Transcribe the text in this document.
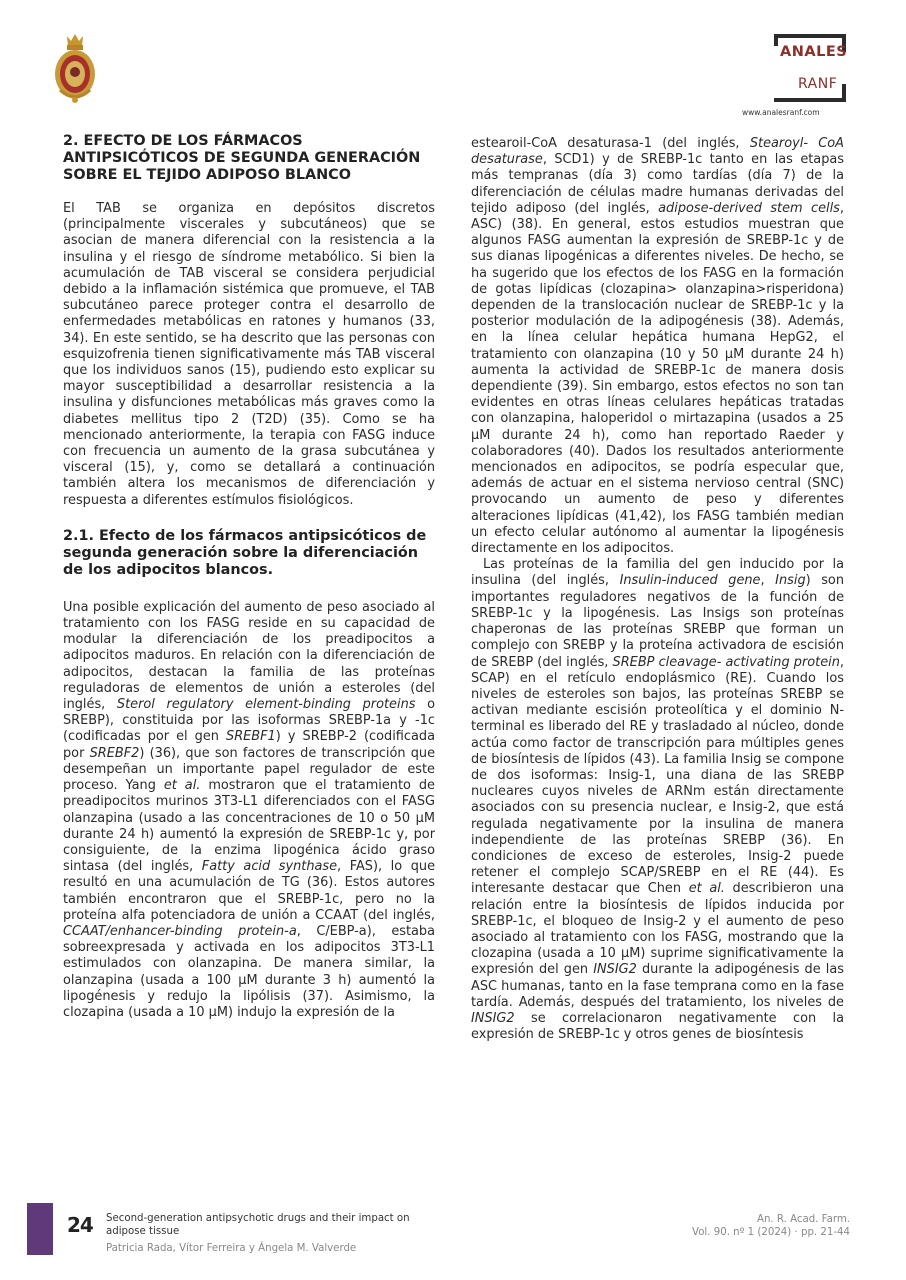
ANALES
RANF
www.analesranf.com
2. EFECTO DE LOS FÁRMACOS ANTIPSICÓTICOS DE SEGUNDA GENERACIÓN SOBRE EL TEJIDO ADIPOSO BLANCO

El TAB se organiza en depósitos discretos (principalmente viscerales y subcutáneos) que se asocian de manera diferencial con la resistencia a la insulina y el riesgo de síndrome metabólico. Si bien la acumulación de TAB visceral se considera perjudicial debido a la inflamación sistémica que promueve, el TAB subcutáneo parece proteger contra el desarrollo de enfermedades metabólicas en ratones y humanos (33, 34). En este sentido, se ha descrito que las personas con esquizofrenia tienen significativamente más TAB visceral que los individuos sanos (15), pudiendo esto explicar su mayor susceptibilidad a desarrollar resistencia a la insulina y disfunciones metabólicas más graves como la diabetes mellitus tipo 2 (T2D) (35). Como se ha mencionado anteriormente, la terapia con FASG induce con frecuencia un aumento de la grasa subcutánea y visceral (15), y, como se detallará a continuación también altera los mecanismos de diferenciación y respuesta a diferentes estímulos fisiológicos.

2.1. Efecto de los fármacos antipsicóticos de segunda generación sobre la diferenciación de los adipocitos blancos.

Una posible explicación del aumento de peso asociado al tratamiento con los FASG reside en su capacidad de modular la diferenciación de los preadipocitos a adipocitos maduros. En relación con la diferenciación de adipocitos, destacan la familia de las proteínas reguladoras de elementos de unión a esteroles (del inglés, Sterol regulatory element-binding proteins o SREBP), constituida por las isoformas SREBP-1a y -1c (codificadas por el gen SREBF1) y SREBP-2 (codificada por SREBF2) (36), que son factores de transcripción que desempeñan un importante papel regulador de este proceso. Yang et al. mostraron que el tratamiento de preadipocitos murinos 3T3-L1 diferenciados con el FASG olanzapina (usado a las concentraciones de 10 o 50 µM durante 24 h) aumentó la expresión de SREBP-1c y, por consiguiente, de la enzima lipogénica ácido graso sintasa (del inglés, Fatty acid synthase, FAS), lo que resultó en una acumulación de TG (36). Estos autores también encontraron que el SREBP-1c, pero no la proteína alfa potenciadora de unión a CCAAT (del inglés, CCAAT/enhancer-binding protein-a, C/EBP-a), estaba sobreexpresada y activada en los adipocitos 3T3-L1 estimulados con olanzapina. De manera similar, la olanzapina (usada a 100 µM durante 3 h) aumentó la lipogénesis y redujo la lipólisis (37). Asimismo, la clozapina (usada a 10 µM) indujo la expresión de la

estearoil-CoA desaturasa-1 (del inglés, Stearoyl- CoA desaturase, SCD1) y de SREBP-1c tanto en las etapas más tempranas (día 3) como tardías (día 7) de la diferenciación de células madre humanas derivadas del tejido adiposo (del inglés, adipose-derived stem cells, ASC) (38). En general, estos estudios muestran que algunos FASG aumentan la expresión de SREBP-1c y de sus dianas lipogénicas a diferentes niveles. De hecho, se ha sugerido que los efectos de los FASG en la formación de gotas lipídicas (clozapina> olanzapina>risperidona) dependen de la translocación nuclear de SREBP-1c y la posterior modulación de la adipogénesis (38). Además, en la línea celular hepática humana HepG2, el tratamiento con olanzapina (10 y 50 µM durante 24 h) aumenta la actividad de SREBP-1c de manera dosis dependiente (39). Sin embargo, estos efectos no son tan evidentes en otras líneas celulares hepáticas tratadas con olanzapina, haloperidol o mirtazapina (usados a 25 µM durante 24 h), como han reportado Raeder y colaboradores (40). Dados los resultados anteriormente mencionados en adipocitos, se podría especular que, además de actuar en el sistema nervioso central (SNC) provocando un aumento de peso y diferentes alteraciones lipídicas (41,42), los FASG también median un efecto celular autónomo al aumentar la lipogénesis directamente en los adipocitos.

Las proteínas de la familia del gen inducido por la insulina (del inglés, Insulin-induced gene, Insig) son importantes reguladores negativos de la función de SREBP-1c y la lipogénesis. Las Insigs son proteínas chaperonas de las proteínas SREBP que forman un complejo con SREBP y la proteína activadora de escisión de SREBP (del inglés, SREBP cleavage- activating protein, SCAP) en el retículo endoplásmico (RE). Cuando los niveles de esteroles son bajos, las proteínas SREBP se activan mediante escisión proteolítica y el dominio N- terminal es liberado del RE y trasladado al núcleo, donde actúa como factor de transcripción para múltiples genes de biosíntesis de lípidos (43). La familia Insig se compone de dos isoformas: Insig-1, una diana de las SREBP nucleares cuyos niveles de ARNm están directamente asociados con su presencia nuclear, e Insig-2, que está regulada negativamente por la insulina de manera independiente de las proteínas SREBP (36). En condiciones de exceso de esteroles, Insig-2 puede retener el complejo SCAP/SREBP en el RE (44). Es interesante destacar que Chen et al. describieron una relación entre la biosíntesis de lípidos inducida por SREBP-1c, el bloqueo de Insig-2 y el aumento de peso asociado al tratamiento con los FASG, mostrando que la clozapina (usada a 10 µM) suprime significativamente la expresión del gen INSIG2 durante la adipogénesis de las ASC humanas, tanto en la fase temprana como en la fase tardía. Además, después del tratamiento, los niveles de INSIG2 se correlacionaron negativamente con la expresión de SREBP-1c y otros genes de biosíntesis

24 Second-generation antipsychotic drugs and their impact on adipose tissue
Patricia Rada, Vítor Ferreira y Ángela M. Valverde
An. R. Acad. Farm.
Vol. 90. nº 1 (2024) · pp. 21-44
